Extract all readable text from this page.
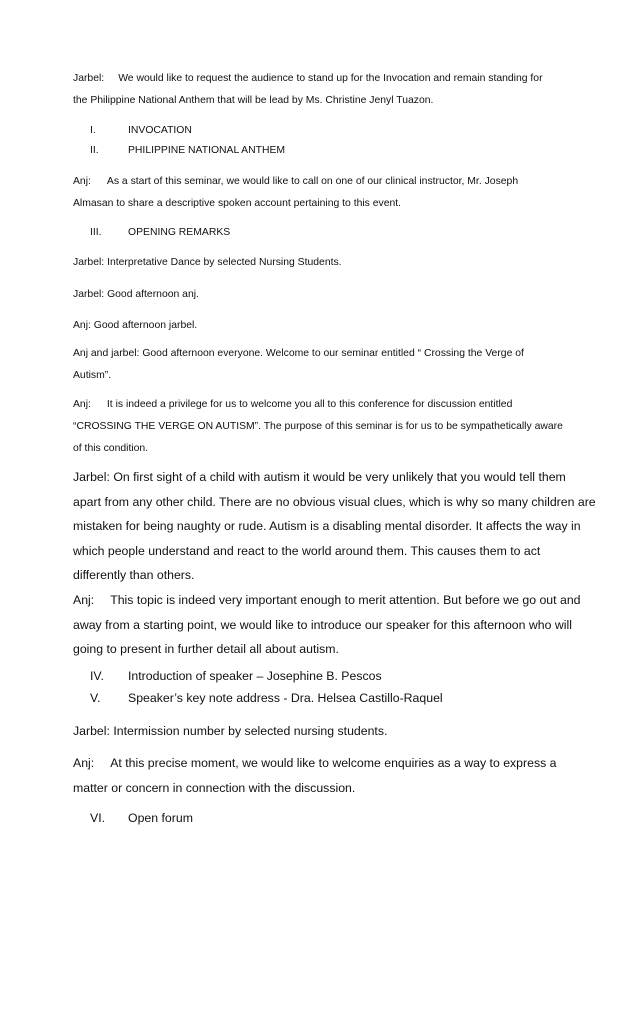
Jarbel: We would like to request the audience to stand up for the Invocation and remain standing for
the Philippine National Anthem that will be lead by Ms. Christine Jenyl Tuazon.

I.	INVOCATION

II.	PHILIPPINE NATIONAL ANTHEM

Anj: As a start of this seminar, we would like to call on one of our clinical instructor, Mr. Joseph
Almasan to share a descriptive spoken account pertaining to this event.

III.	OPENING REMARKS

Jarbel: Interpretative Dance by selected Nursing Students.

Jarbel: Good afternoon anj.

Anj: Good afternoon jarbel.

Anj and jarbel: Good afternoon everyone. Welcome to our seminar entitled “ Crossing the Verge of
Autism”.

Anj: It is indeed a privilege for us to welcome you all to this conference for discussion entitled
“CROSSING THE VERGE ON AUTISM”. The purpose of this seminar is for us to be sympathetically aware
of this condition.

Jarbel: On first sight of a child with autism it would be very unlikely that you would tell them
apart from any other child. There are no obvious visual clues, which is why so many children are
mistaken for being naughty or rude. Autism is a disabling mental disorder. It affects the way in
which people understand and react to the world around them. This causes them to act
differently than others.

Anj: This topic is indeed very important enough to merit attention. But before we go out and
away from a starting point, we would like to introduce our speaker for this afternoon who will
going to present in further detail all about autism.

IV. Introduction of speaker – Josephine B. Pescos

V. Speaker’s key note address - Dra. Helsea Castillo-Raquel

Jarbel: Intermission number by selected nursing students.

Anj: At this precise moment, we would like to welcome enquiries as a way to express a
matter or concern in connection with the discussion.

VI. Open forum
